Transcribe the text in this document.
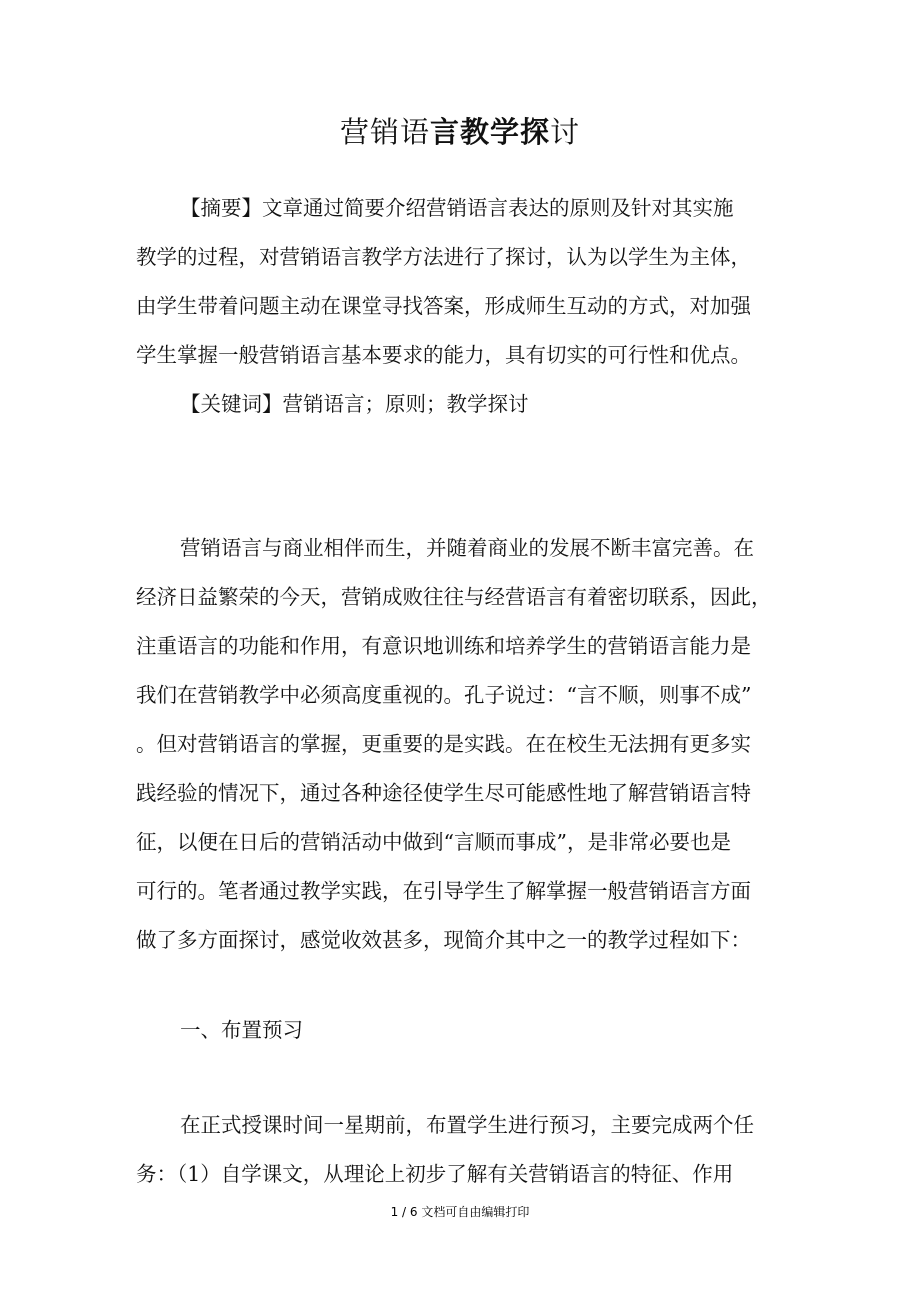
营销语言教学探讨
【摘要】文章通过简要介绍营销语言表达的原则及针对其实施
教学的过程，对营销语言教学方法进行了探讨，认为以学生为主体，
由学生带着问题主动在课堂寻找答案，形成师生互动的方式，对加强
学生掌握一般营销语言基本要求的能力，具有切实的可行性和优点。
【关键词】营销语言；原则；教学探讨
营销语言与商业相伴而生，并随着商业的发展不断丰富完善。在
经济日益繁荣的今天，营销成败往往与经营语言有着密切联系，因此，
注重语言的功能和作用，有意识地训练和培养学生的营销语言能力是
我们在营销教学中必须高度重视的。孔子说过：“言不顺，则事不成”
。但对营销语言的掌握，更重要的是实践。在在校生无法拥有更多实
践经验的情况下，通过各种途径使学生尽可能感性地了解营销语言特
征，以便在日后的营销活动中做到“言顺而事成”，是非常必要也是
可行的。笔者通过教学实践，在引导学生了解掌握一般营销语言方面
做了多方面探讨，感觉收效甚多，现简介其中之一的教学过程如下：
一、布置预习
在正式授课时间一星期前，布置学生进行预习，主要完成两个任
务：（1）自学课文，从理论上初步了解有关营销语言的特征、作用
1 / 6 文档可自由编辑打印
